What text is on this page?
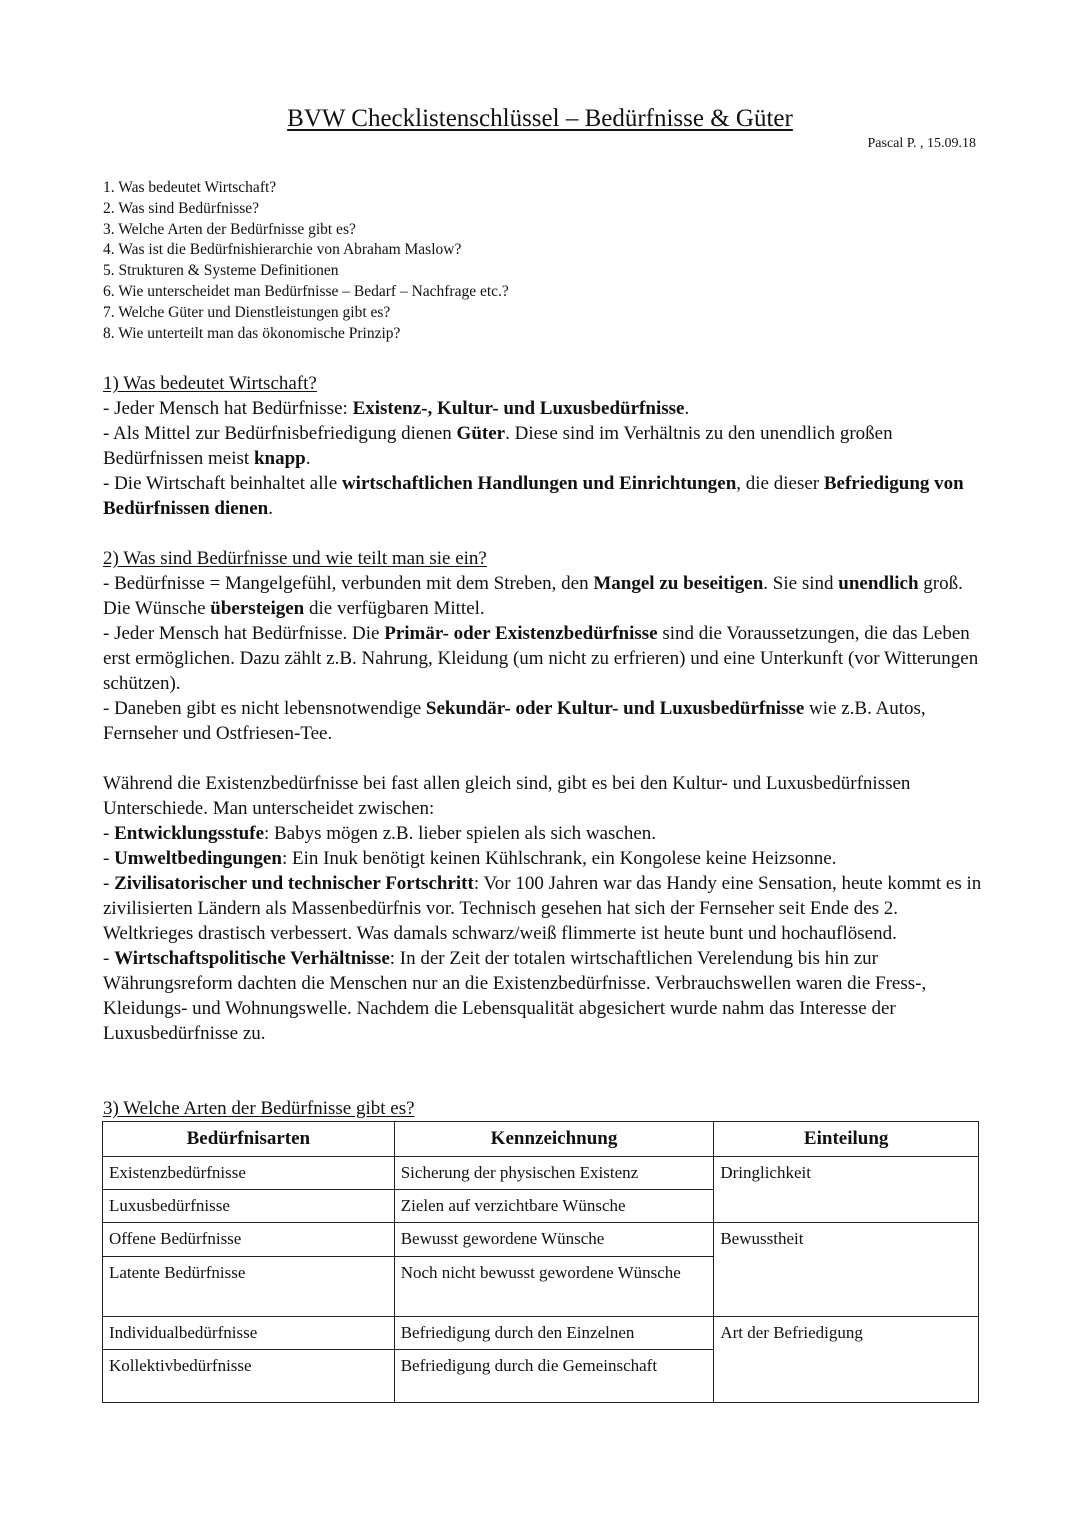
BVW Checklistenschlüssel – Bedürfnisse & Güter
Pascal P. , 15.09.18
1. Was bedeutet Wirtschaft?
2. Was sind Bedürfnisse?
3. Welche Arten der Bedürfnisse gibt es?
4. Was ist die Bedürfnishierarchie von Abraham Maslow?
5. Strukturen & Systeme Definitionen
6. Wie unterscheidet man Bedürfnisse – Bedarf – Nachfrage etc.?
7. Welche Güter und Dienstleistungen gibt es?
8. Wie unterteilt man das ökonomische Prinzip?
1) Was bedeutet Wirtschaft?

- Jeder Mensch hat Bedürfnisse: Existenz-, Kultur- und Luxusbedürfnisse.

- Als Mittel zur Bedürfnisbefriedigung dienen Güter. Diese sind im Verhältnis zu den unendlich großen Bedürfnissen meist knapp.

- Die Wirtschaft beinhaltet alle wirtschaftlichen Handlungen und Einrichtungen, die dieser Befriedigung von Bedürfnissen dienen.

2) Was sind Bedürfnisse und wie teilt man sie ein?

- Bedürfnisse = Mangelgefühl, verbunden mit dem Streben, den Mangel zu beseitigen. Sie sind unendlich groß. Die Wünsche übersteigen die verfügbaren Mittel.

- Jeder Mensch hat Bedürfnisse. Die Primär- oder Existenzbedürfnisse sind die Voraussetzungen, die das Leben erst ermöglichen. Dazu zählt z.B. Nahrung, Kleidung (um nicht zu erfrieren) und eine Unterkunft (vor Witterungen schützen).

- Daneben gibt es nicht lebensnotwendige Sekundär- oder Kultur- und Luxusbedürfnisse wie z.B. Autos, Fernseher und Ostfriesen-Tee.

Während die Existenzbedürfnisse bei fast allen gleich sind, gibt es bei den Kultur- und Luxusbedürfnissen Unterschiede. Man unterscheidet zwischen:

- Entwicklungsstufe: Babys mögen z.B. lieber spielen als sich waschen.

- Umweltbedingungen: Ein Inuk benötigt keinen Kühlschrank, ein Kongolese keine Heizsonne.

- Zivilisatorischer und technischer Fortschritt: Vor 100 Jahren war das Handy eine Sensation, heute kommt es in zivilisierten Ländern als Massenbedürfnis vor. Technisch gesehen hat sich der Fernseher seit Ende des 2. Weltkrieges drastisch verbessert. Was damals schwarz/weiß flimmerte ist heute bunt und hochauflösend.

- Wirtschaftspolitische Verhältnisse: In der Zeit der totalen wirtschaftlichen Verelendung bis hin zur Währungsreform dachten die Menschen nur an die Existenzbedürfnisse. Verbrauchswellen waren die Fress-, Kleidungs- und Wohnungswelle. Nachdem die Lebensqualität abgesichert wurde nahm das Interesse der Luxusbedürfnisse zu.

3) Welche Arten der Bedürfnisse gibt es?
Bedürfnisarten	Kennzeichnung	Einteilung
Existenzbedürfnisse	Sicherung der physischen Existenz	Dringlichkeit
Luxusbedürfnisse	Zielen auf verzichtbare Wünsche	
Offene Bedürfnisse	Bewusst gewordene Wünsche	Bewusstheit
Latente Bedürfnisse	Noch nicht bewusst gewordene Wünsche	
Individualbedürfnisse	Befriedigung durch den Einzelnen	Art der Befriedigung
Kollektivbedürfnisse	Befriedigung durch die Gemeinschaft	
